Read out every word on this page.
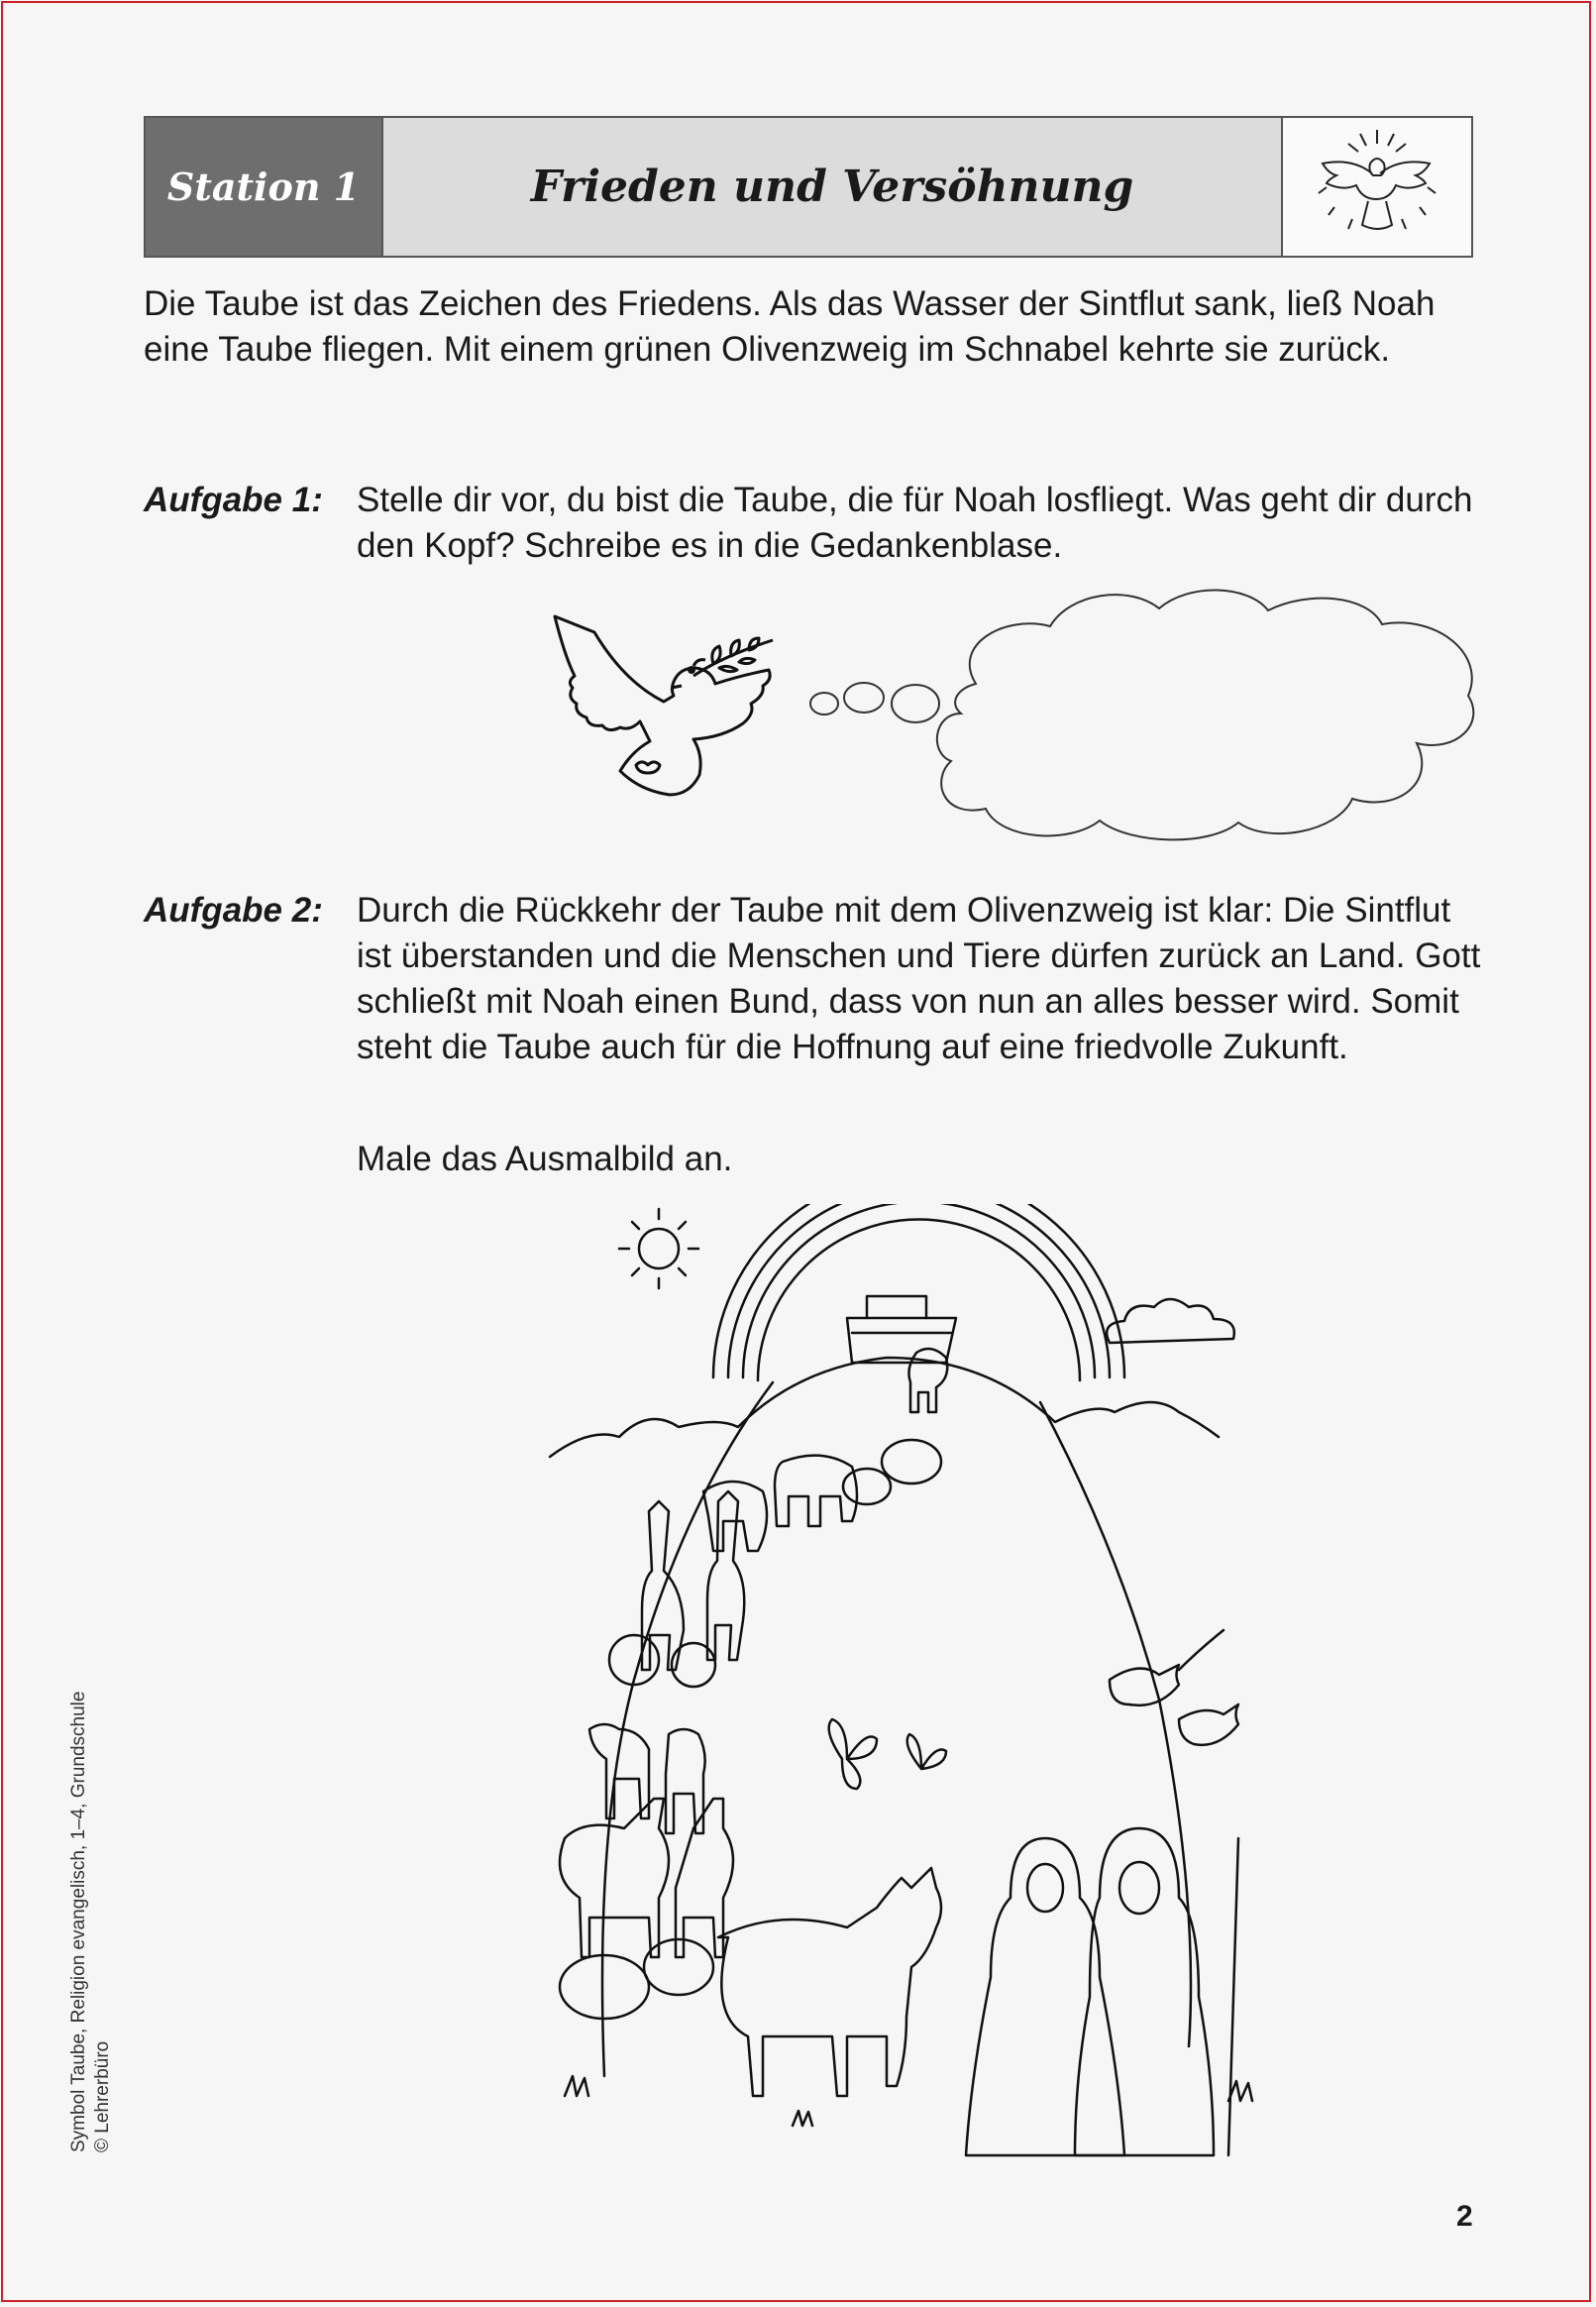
Station 1	Frieden und Versöhnung

Die Taube ist das Zeichen des Friedens. Als das Wasser der Sintflut sank, ließ Noah eine Taube fliegen. Mit einem grünen Olivenzweig im Schnabel kehrte sie zurück.

Aufgabe 1: Stelle dir vor, du bist die Taube, die für Noah losfliegt. Was geht dir durch den Kopf? Schreibe es in die Gedankenblase.
Aufgabe 2: Durch die Rückkehr der Taube mit dem Olivenzweig ist klar: Die Sintflut ist überstanden und die Menschen und Tiere dürfen zurück an Land. Gott schließt mit Noah einen Bund, dass von nun an alles besser wird. Somit steht die Taube auch für die Hoffnung auf eine friedvolle Zukunft.
Male das Ausmalbild an.
Symbol Taube, Religion evangelisch, 1–4, Grundschule © Lehrerbüro
2
